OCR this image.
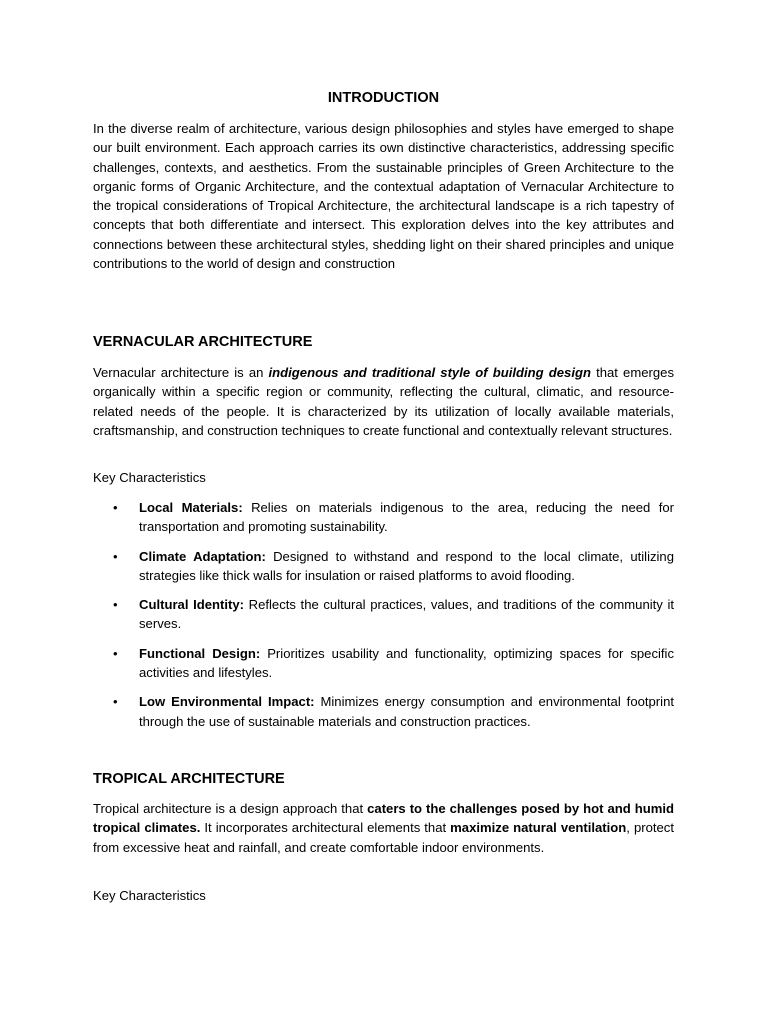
INTRODUCTION

In the diverse realm of architecture, various design philosophies and styles have emerged to shape our built environment. Each approach carries its own distinctive characteristics, addressing specific challenges, contexts, and aesthetics. From the sustainable principles of Green Architecture to the organic forms of Organic Architecture, and the contextual adaptation of Vernacular Architecture to the tropical considerations of Tropical Architecture, the architectural landscape is a rich tapestry of concepts that both differentiate and intersect. This exploration delves into the key attributes and connections between these architectural styles, shedding light on their shared principles and unique contributions to the world of design and construction

VERNACULAR ARCHITECTURE

Vernacular architecture is an indigenous and traditional style of building design that emerges organically within a specific region or community, reflecting the cultural, climatic, and resource-related needs of the people. It is characterized by its utilization of locally available materials, craftsmanship, and construction techniques to create functional and contextually relevant structures.

Key Characteristics
• Local Materials: Relies on materials indigenous to the area, reducing the need for transportation and promoting sustainability.
• Climate Adaptation: Designed to withstand and respond to the local climate, utilizing strategies like thick walls for insulation or raised platforms to avoid flooding.
• Cultural Identity: Reflects the cultural practices, values, and traditions of the community it serves.
• Functional Design: Prioritizes usability and functionality, optimizing spaces for specific activities and lifestyles.
• Low Environmental Impact: Minimizes energy consumption and environmental footprint through the use of sustainable materials and construction practices.
TROPICAL ARCHITECTURE

Tropical architecture is a design approach that caters to the challenges posed by hot and humid tropical climates. It incorporates architectural elements that maximize natural ventilation, protect from excessive heat and rainfall, and create comfortable indoor environments.

Key Characteristics
